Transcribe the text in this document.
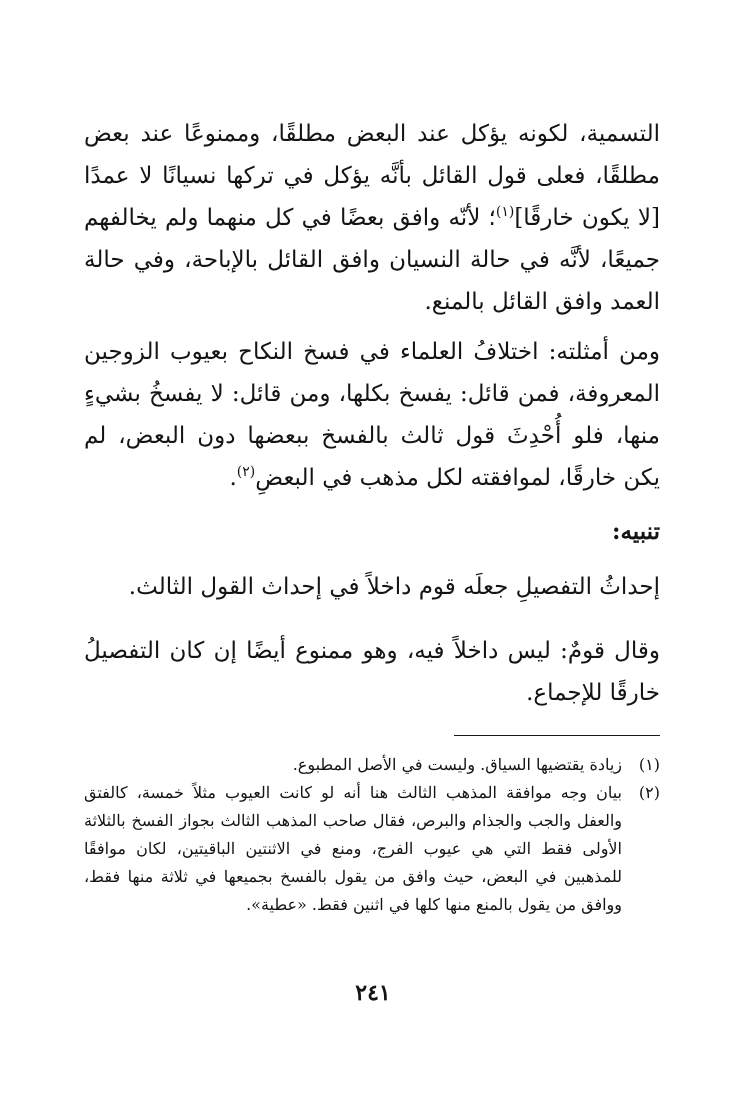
التسمية، لكونه يؤكل عند البعض مطلقًا، وممنوعًا عند بعض مطلقًا، فعلى قول القائل بأنَّه يؤكل في تركها نسيانًا لا عمدًا [لا يكون خارقًا]$^{(١)}$؛ لأنّه وافق بعضًا في كل منهما ولم يخالفهم جميعًا، لأنَّه في حالة النسيان وافق القائل بالإباحة، وفي حالة العمد وافق القائل بالمنع.

ومن أمثلته: اختلافُ العلماء في فسخ النكاح بعيوب الزوجين المعروفة، فمن قائل: يفسخ بكلها، ومن قائل: لا يفسخُ بشيءٍ منها، فلو أُحْدِثَ قول ثالث بالفسخ ببعضها دون البعض، لم يكن خارقًا، لموافقته لكل مذهب في البعضِ$^{(٢)}$.

تنبيه:

إحداثُ التفصيلِ جعلَه قوم داخلاً في إحداث القول الثالث.

وقال قومٌ: ليس داخلاً فيه، وهو ممنوع أيضًا إن كان التفصيلُ خارقًا للإجماع.

(١)
زيادة يقتضيها السياق. وليست في الأصل المطبوع.
(٢)
بيان وجه موافقة المذهب الثالث هنا أنه لو كانت العيوب مثلاً خمسة، كالفتق والعفل والجب والجذام والبرص، فقال صاحب المذهب الثالث بجواز الفسخ بالثلاثة الأولى فقط التي هي عيوب الفرج، ومنع في الاثنتين الباقيتين، لكان موافقًا للمذهبين في البعض، حيث وافق من يقول بالفسخ بجميعها في ثلاثة منها فقط، ووافق من يقول بالمنع منها كلها في اثنين فقط. «عطية».
٢٤١
